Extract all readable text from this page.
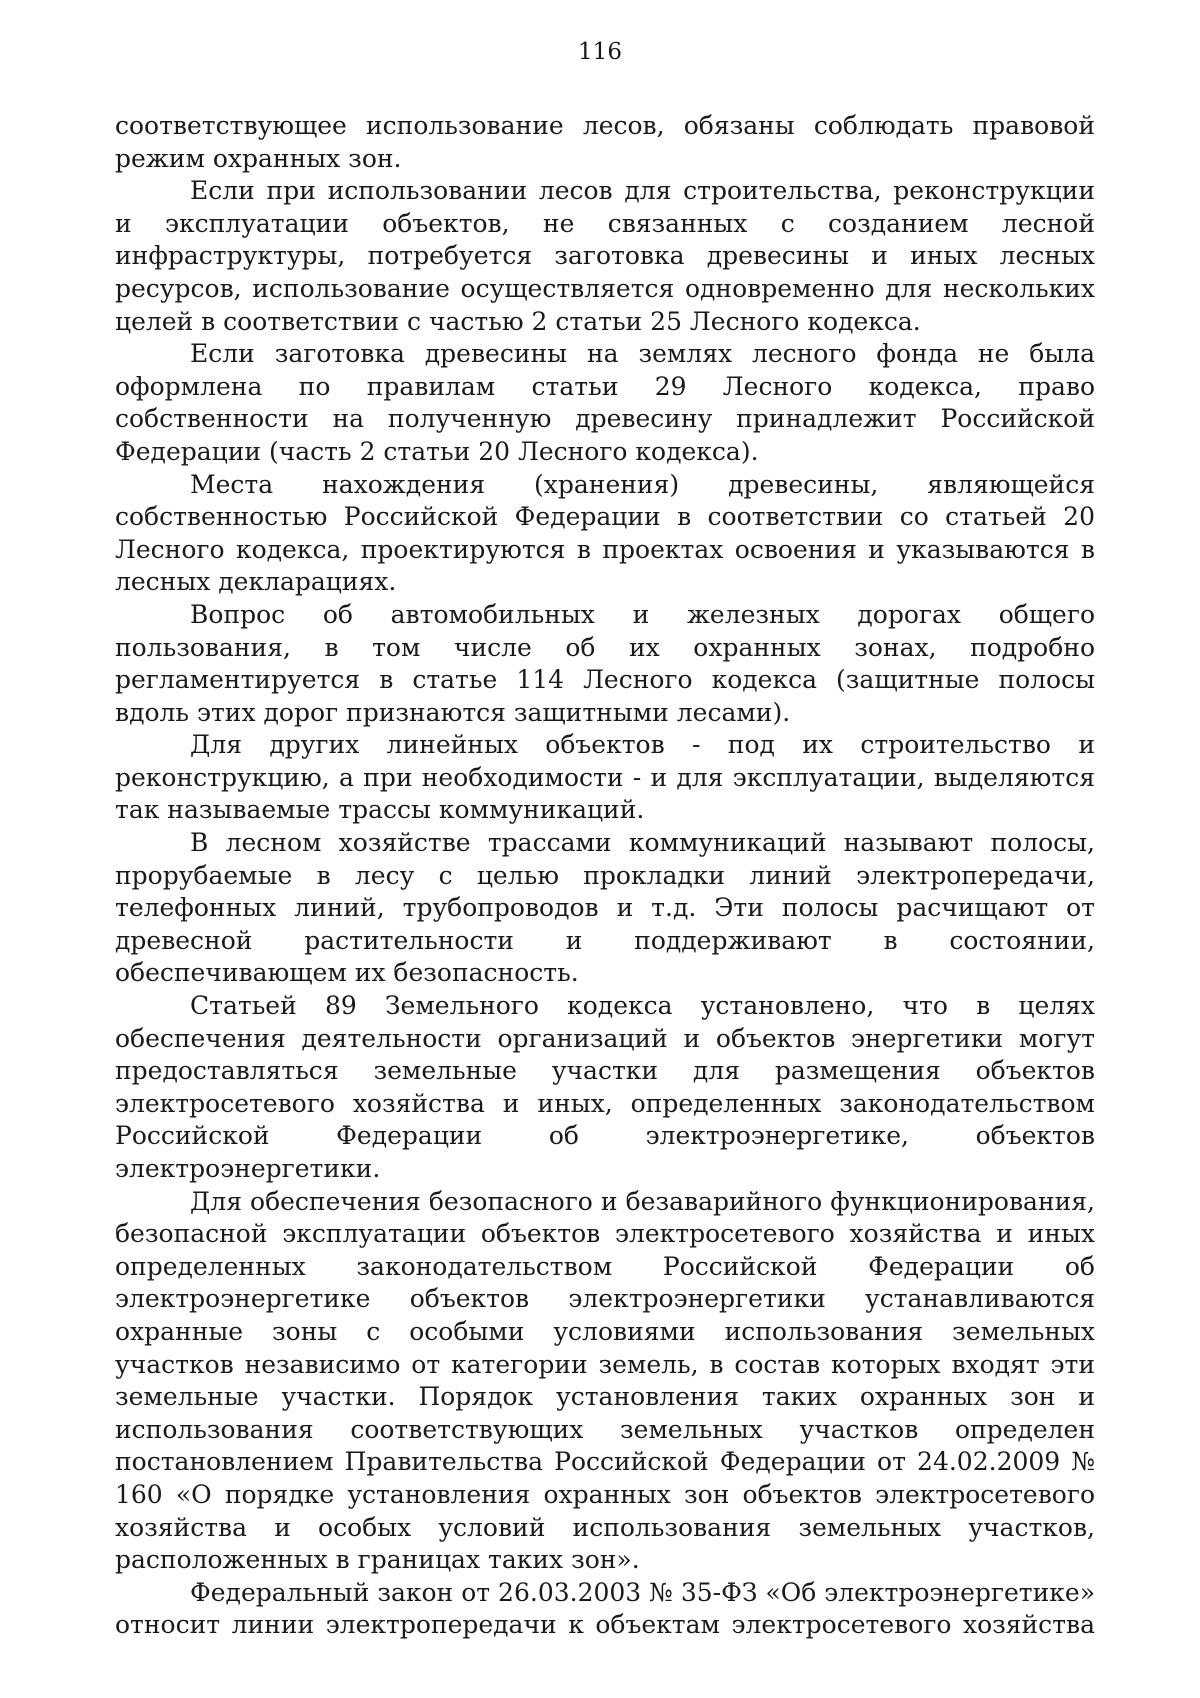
116

соответствующее использование лесов, обязаны соблюдать правовой режим охранных зон.

Если при использовании лесов для строительства, реконструкции и эксплуатации объектов, не связанных с созданием лесной инфраструктуры, потребуется заготовка древесины и иных лесных ресурсов, использование осуществляется одновременно для нескольких целей в соответствии с частью 2 статьи 25 Лесного кодекса.

Если заготовка древесины на землях лесного фонда не была оформлена по правилам статьи 29 Лесного кодекса, право собственности на полученную древесину принадлежит Российской Федерации (часть 2 статьи 20 Лесного кодекса).

Места нахождения (хранения) древесины, являющейся собственностью Российской Федерации в соответствии со статьей 20 Лесного кодекса, проектируются в проектах освоения и указываются в лесных декларациях.

Вопрос об автомобильных и железных дорогах общего пользования, в том числе об их охранных зонах, подробно регламентируется в статье 114 Лесного кодекса (защитные полосы вдоль этих дорог признаются защитными лесами).

Для других линейных объектов - под их строительство и реконструкцию, а при необходимости - и для эксплуатации, выделяются так называемые трассы коммуникаций.

В лесном хозяйстве трассами коммуникаций называют полосы, прорубаемые в лесу с целью прокладки линий электропередачи, телефонных линий, трубопроводов и т.д. Эти полосы расчищают от древесной растительности и поддерживают в состоянии, обеспечивающем их безопасность.

Статьей 89 Земельного кодекса установлено, что в целях обеспечения деятельности организаций и объектов энергетики могут предоставляться земельные участки для размещения объектов электросетевого хозяйства и иных, определенных законодательством Российской Федерации об электроэнергетике, объектов электроэнергетики.

Для обеспечения безопасного и безаварийного функционирования, безопасной эксплуатации объектов электросетевого хозяйства и иных определенных законодательством Российской Федерации об электроэнергетике объектов электроэнергетики устанавливаются охранные зоны с особыми условиями использования земельных участков независимо от категории земель, в состав которых входят эти земельные участки. Порядок установления таких охранных зон и использования соответствующих земельных участков определен постановлением Правительства Российской Федерации от 24.02.2009 № 160 «О порядке установления охранных зон объектов электросетевого хозяйства и особых условий использования земельных участков, расположенных в границах таких зон».

Федеральный закон от 26.03.2003 № 35-ФЗ «Об электроэнергетике» относит линии электропередачи к объектам электросетевого хозяйства
